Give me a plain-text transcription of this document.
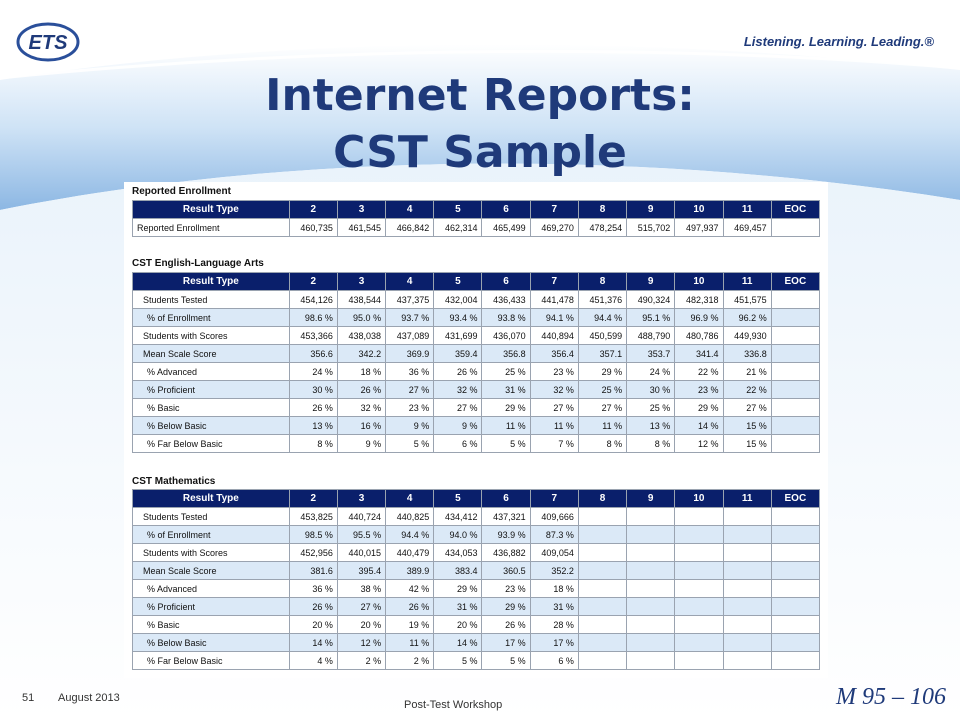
ETS	Listening. Learning. Leading.®
Internet Reports:
CST Sample
Reported Enrollment
Result Type	2	3	4	5	6	7	8	9	10	11	EOC
Reported Enrollment	460,735	461,545	466,842	462,314	465,499	469,270	478,254	515,702	497,937	469,457	
CST English-Language Arts
Result Type	2	3	4	5	6	7	8	9	10	11	EOC
Students Tested	454,126	438,544	437,375	432,004	436,433	441,478	451,376	490,324	482,318	451,575	
% of Enrollment	98.6 %	95.0 %	93.7 %	93.4 %	93.8 %	94.1 %	94.4 %	95.1 %	96.9 %	96.2 %	
Students with Scores	453,366	438,038	437,089	431,699	436,070	440,894	450,599	488,790	480,786	449,930	
Mean Scale Score	356.6	342.2	369.9	359.4	356.8	356.4	357.1	353.7	341.4	336.8	
% Advanced	24 %	18 %	36 %	26 %	25 %	23 %	29 %	24 %	22 %	21 %	
% Proficient	30 %	26 %	27 %	32 %	31 %	32 %	25 %	30 %	23 %	22 %	
% Basic	26 %	32 %	23 %	27 %	29 %	27 %	27 %	25 %	29 %	27 %	
% Below Basic	13 %	16 %	9 %	9 %	11 %	11 %	11 %	13 %	14 %	15 %	
% Far Below Basic	8 %	9 %	5 %	6 %	5 %	7 %	8 %	8 %	12 %	15 %	
CST Mathematics
Result Type	2	3	4	5	6	7	8	9	10	11	EOC
Students Tested	453,825	440,724	440,825	434,412	437,321	409,666					
% of Enrollment	98.5 %	95.5 %	94.4 %	94.0 %	93.9 %	87.3 %					
Students with Scores	452,956	440,015	440,479	434,053	436,882	409,054					
Mean Scale Score	381.6	395.4	389.9	383.4	360.5	352.2					
% Advanced	36 %	38 %	42 %	29 %	23 %	18 %					
% Proficient	26 %	27 %	26 %	31 %	29 %	31 %					
% Basic	20 %	20 %	19 %	20 %	26 %	28 %					
% Below Basic	14 %	12 %	11 %	14 %	17 %	17 %					
% Far Below Basic	4 %	2 %	2 %	5 %	5 %	6 %					
51 August 2013
Post-Test Workshop	M 95 – 106
